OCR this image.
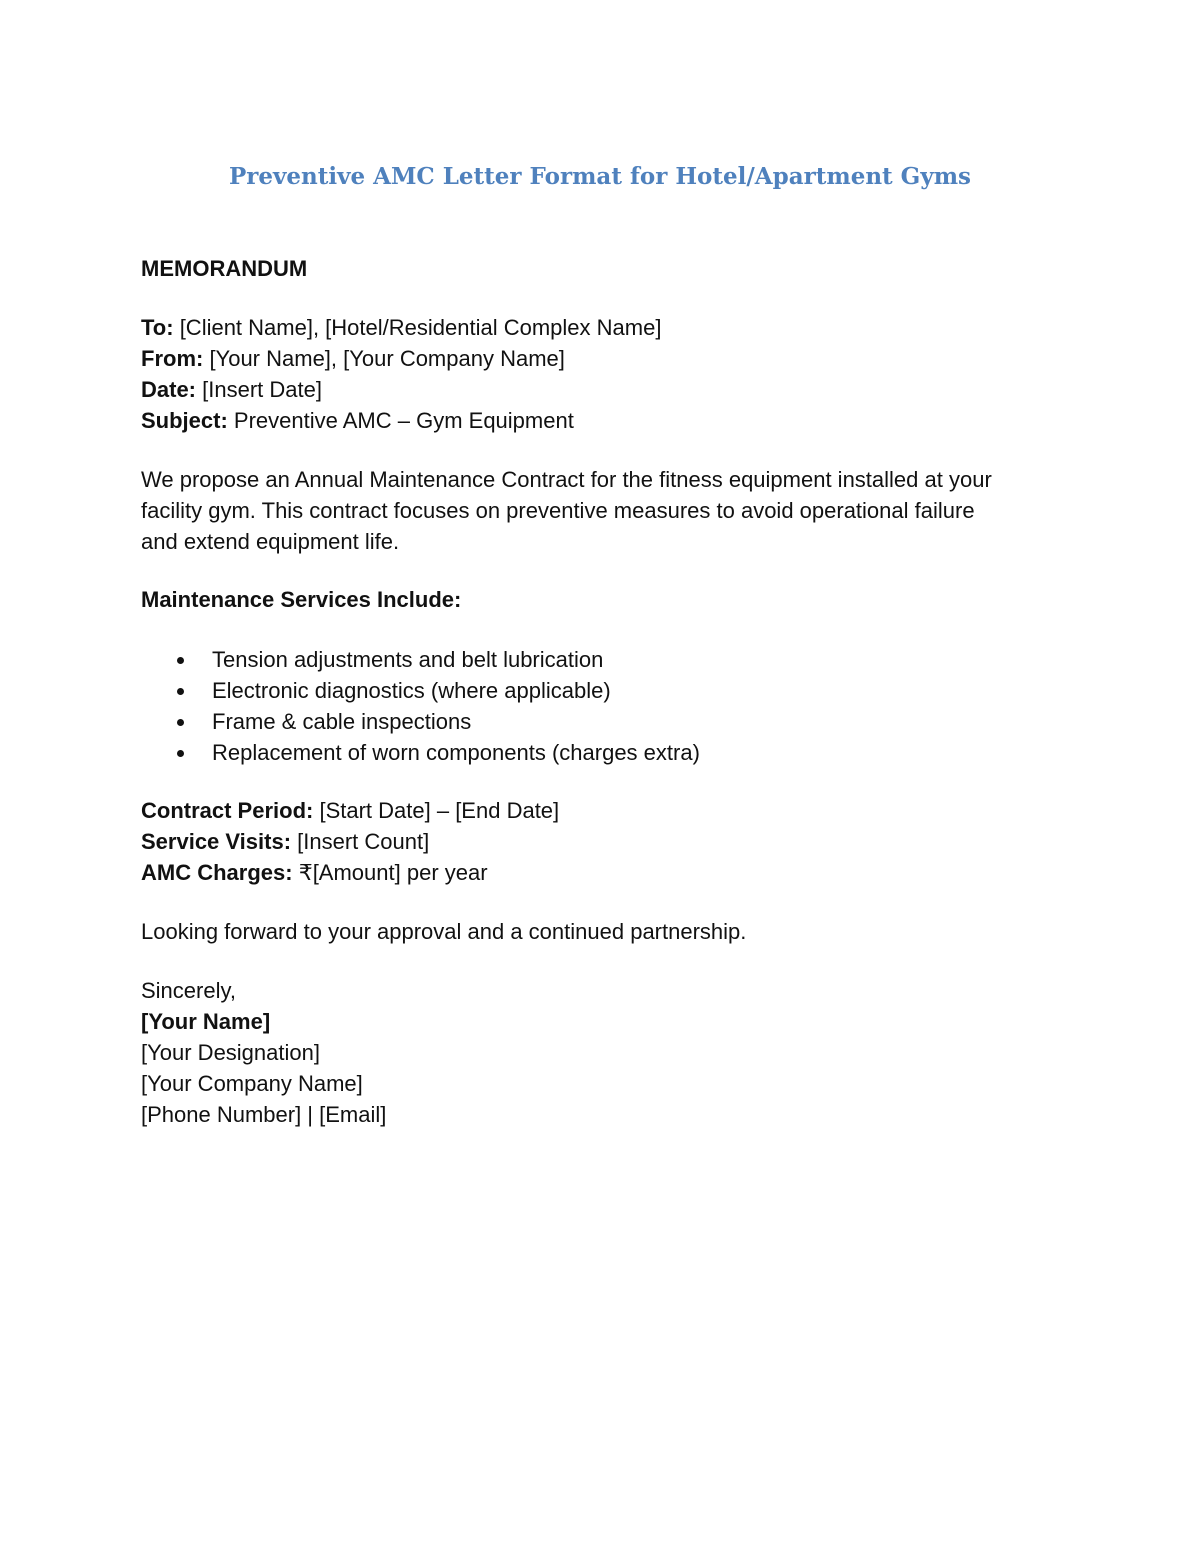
Preventive AMC Letter Format for Hotel/Apartment Gyms
MEMORANDUM
To: [Client Name], [Hotel/Residential Complex Name]
From: [Your Name], [Your Company Name]
Date: [Insert Date]
Subject: Preventive AMC – Gym Equipment
We propose an Annual Maintenance Contract for the fitness equipment installed at your
facility gym. This contract focuses on preventive measures to avoid operational failure
and extend equipment life.
Maintenance Services Include:
Tension adjustments and belt lubrication
Electronic diagnostics (where applicable)
Frame & cable inspections
Replacement of worn components (charges extra)
Contract Period: [Start Date] – [End Date]
Service Visits: [Insert Count]
AMC Charges: ₹[Amount] per year
Looking forward to your approval and a continued partnership.
Sincerely,
[Your Name]
[Your Designation]
[Your Company Name]
[Phone Number] | [Email]
